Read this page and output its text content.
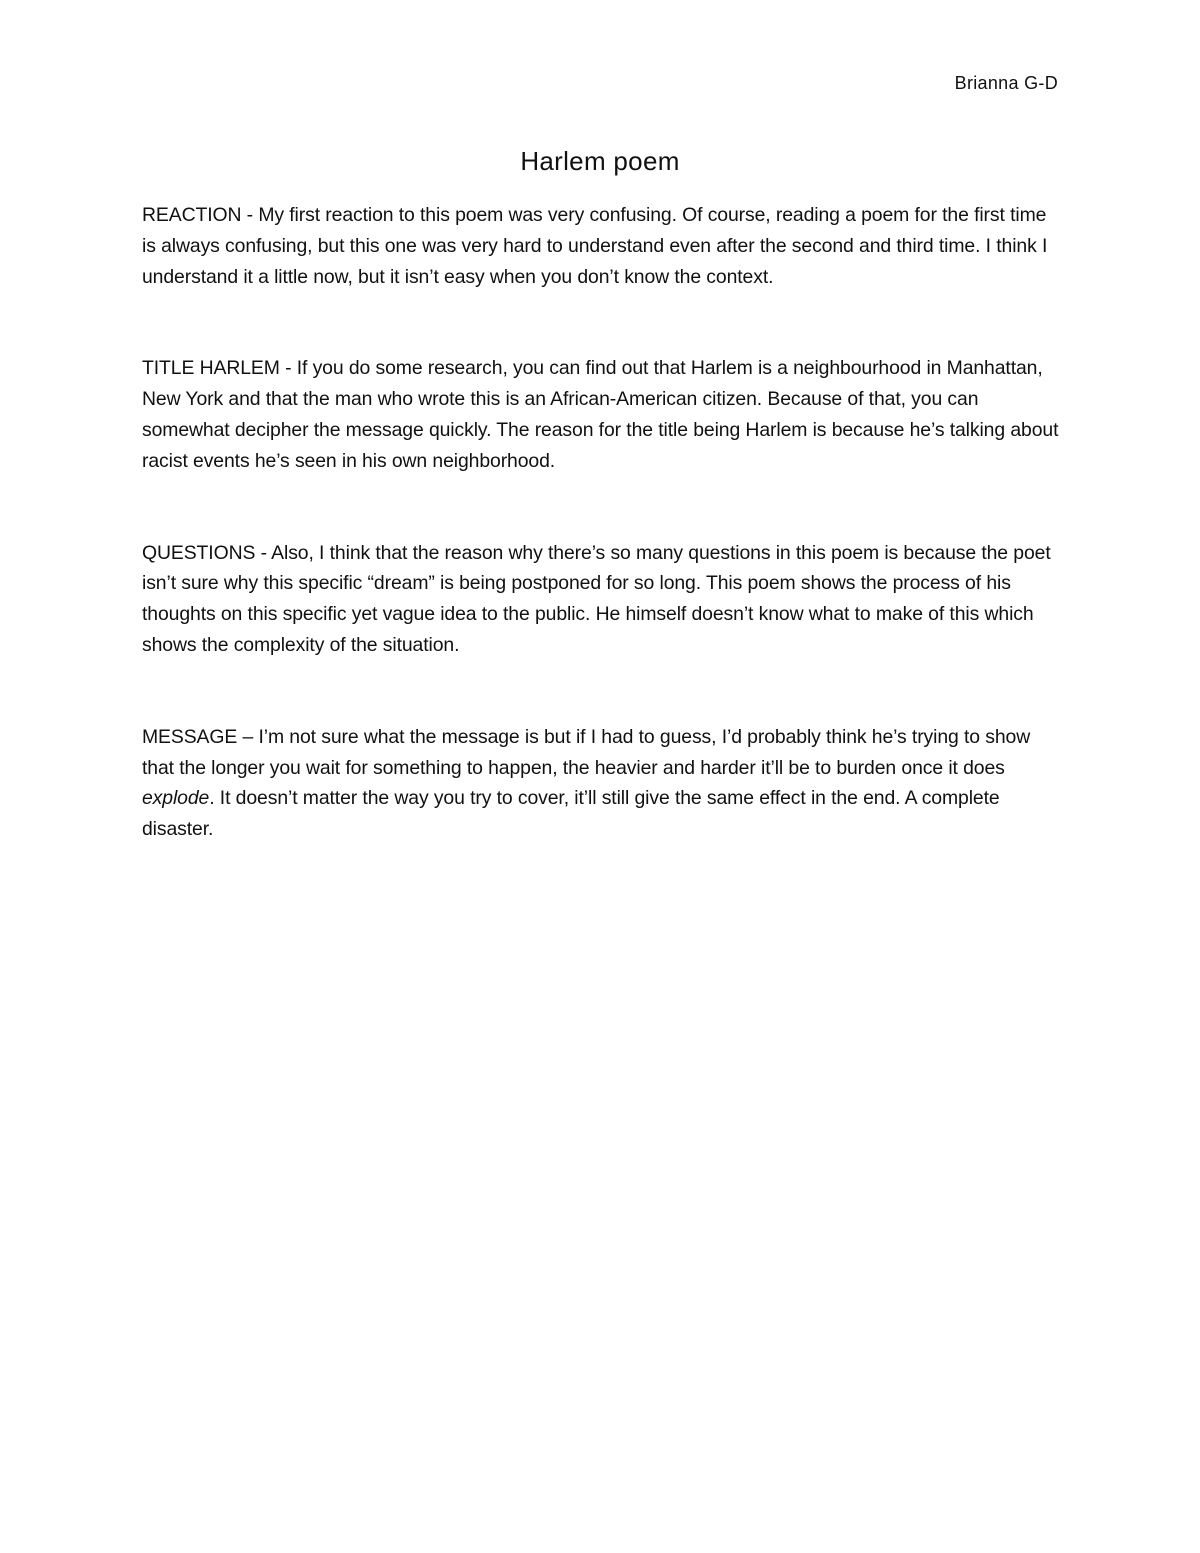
Brianna G-D
Harlem poem

REACTION - My first reaction to this poem was very confusing. Of course, reading a poem for the first time is always confusing, but this one was very hard to understand even after the second and third time. I think I understand it a little now, but it isn’t easy when you don’t know the context.

TITLE HARLEM - If you do some research, you can find out that Harlem is a neighbourhood in Manhattan, New York and that the man who wrote this is an African-American citizen. Because of that, you can somewhat decipher the message quickly. The reason for the title being Harlem is because he’s talking about racist events he’s seen in his own neighborhood.

QUESTIONS - Also, I think that the reason why there’s so many questions in this poem is because the poet isn’t sure why this specific “dream” is being postponed for so long. This poem shows the process of his thoughts on this specific yet vague idea to the public. He himself doesn’t know what to make of this which shows the complexity of the situation.

MESSAGE – I’m not sure what the message is but if I had to guess, I’d probably think he’s trying to show that the longer you wait for something to happen, the heavier and harder it’ll be to burden once it does explode. It doesn’t matter the way you try to cover, it’ll still give the same effect in the end. A complete disaster.
